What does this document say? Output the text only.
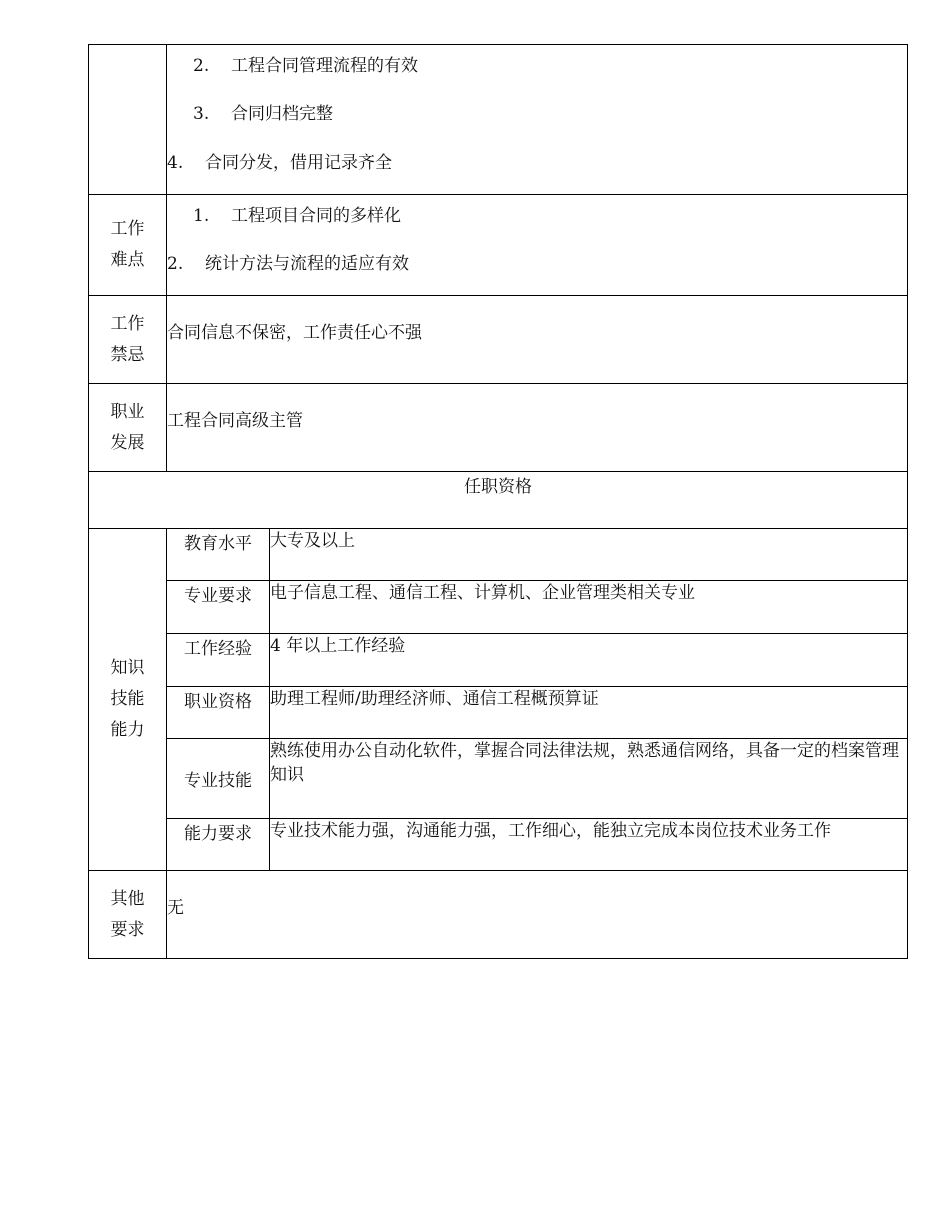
	2. 工程合同管理流程的有效
3. 合同归档完整
4. 合同分发，借用记录齐全	

工作难点	1. 工程项目合同的多样化
2. 统计方法与流程的适应有效	

工作禁忌	合同信息不保密，工作责任心不强	

职业发展	工程合同高级主管	

任职资格		

知识技能能力	教育水平	大专及以上
	专业要求	电子信息工程、通信工程、计算机、企业管理类相关专业
	工作经验	4 年以上工作经验
	职业资格	助理工程师/助理经济师、通信工程概预算证
	专业技能	熟练使用办公自动化软件，掌握合同法律法规，熟悉通信网络，具备一定的档案管理知识
	能力要求	专业技术能力强，沟通能力强，工作细心，能独立完成本岗位技术业务工作

其他要求	无	
